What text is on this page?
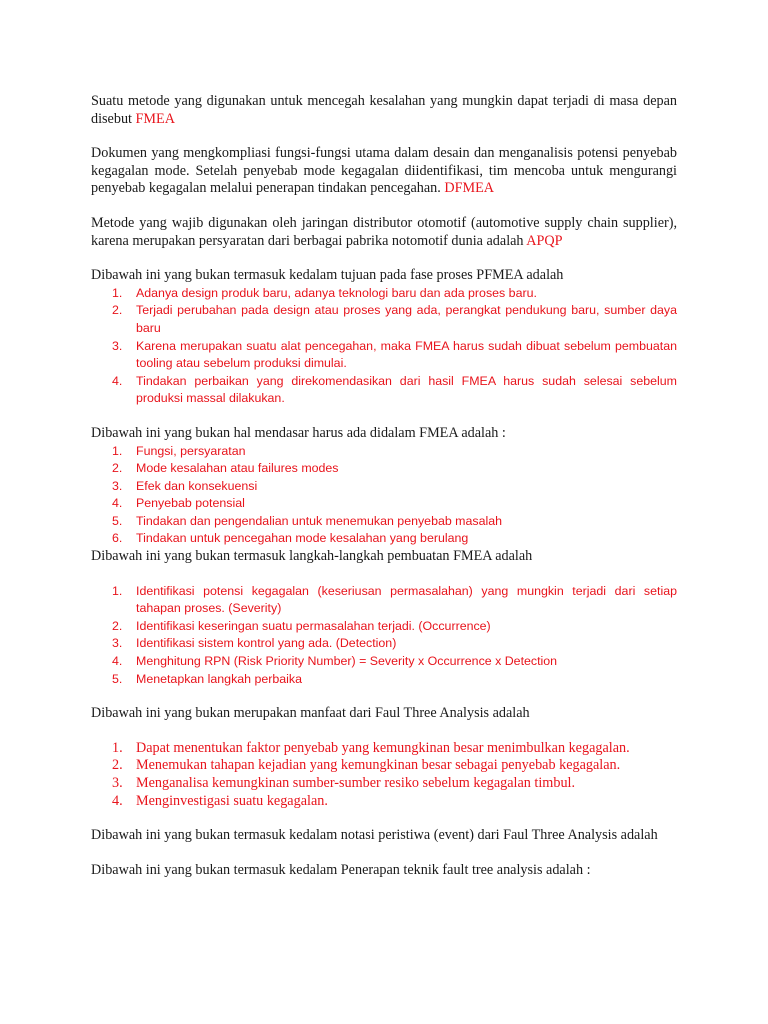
Suatu metode yang digunakan untuk mencegah kesalahan yang mungkin dapat terjadi di masa depan disebut FMEA

Dokumen yang mengkompliasi fungsi-fungsi utama dalam desain dan menganalisis potensi penyebab kegagalan mode. Setelah penyebab mode kegagalan diidentifikasi, tim mencoba untuk mengurangi penyebab kegagalan melalui penerapan tindakan pencegahan. DFMEA

Metode yang wajib digunakan oleh jaringan distributor otomotif (automotive supply chain supplier), karena merupakan persyaratan dari berbagai pabrika notomotif dunia adalah APQP

Dibawah ini yang bukan termasuk kedalam tujuan pada fase proses PFMEA adalah

1. Adanya design produk baru, adanya teknologi baru dan ada proses baru.
2. Terjadi perubahan pada design atau proses yang ada, perangkat pendukung baru, sumber daya baru
3. Karena merupakan suatu alat pencegahan, maka FMEA harus sudah dibuat sebelum pembuatan tooling atau sebelum produksi dimulai.
4. Tindakan perbaikan yang direkomendasikan dari hasil FMEA harus sudah selesai sebelum produksi massal dilakukan.

Dibawah ini yang bukan hal mendasar harus ada didalam FMEA adalah :

1. Fungsi, persyaratan
2. Mode kesalahan atau failures modes
3. Efek dan konsekuensi
4. Penyebab potensial
5. Tindakan dan pengendalian untuk menemukan penyebab masalah
6. Tindakan untuk pencegahan mode kesalahan yang berulang

Dibawah ini yang bukan termasuk langkah-langkah pembuatan FMEA adalah

1. Identifikasi potensi kegagalan (keseriusan permasalahan) yang mungkin terjadi dari setiap tahapan proses. (Severity)
2. Identifikasi keseringan suatu permasalahan terjadi. (Occurrence)
3. Identifikasi sistem kontrol yang ada. (Detection)
4. Menghitung RPN (Risk Priority Number) = Severity x Occurrence x Detection
5. Menetapkan langkah perbaika

Dibawah ini yang bukan merupakan manfaat dari Faul Three Analysis adalah

1. Dapat menentukan faktor penyebab yang kemungkinan besar menimbulkan kegagalan.
2. Menemukan tahapan kejadian yang kemungkinan besar sebagai penyebab kegagalan.
3. Menganalisa kemungkinan sumber-sumber resiko sebelum kegagalan timbul.
4. Menginvestigasi suatu kegagalan.

Dibawah ini yang bukan termasuk kedalam notasi peristiwa (event) dari Faul Three Analysis adalah

Dibawah ini yang bukan termasuk kedalam Penerapan teknik fault tree analysis adalah :
